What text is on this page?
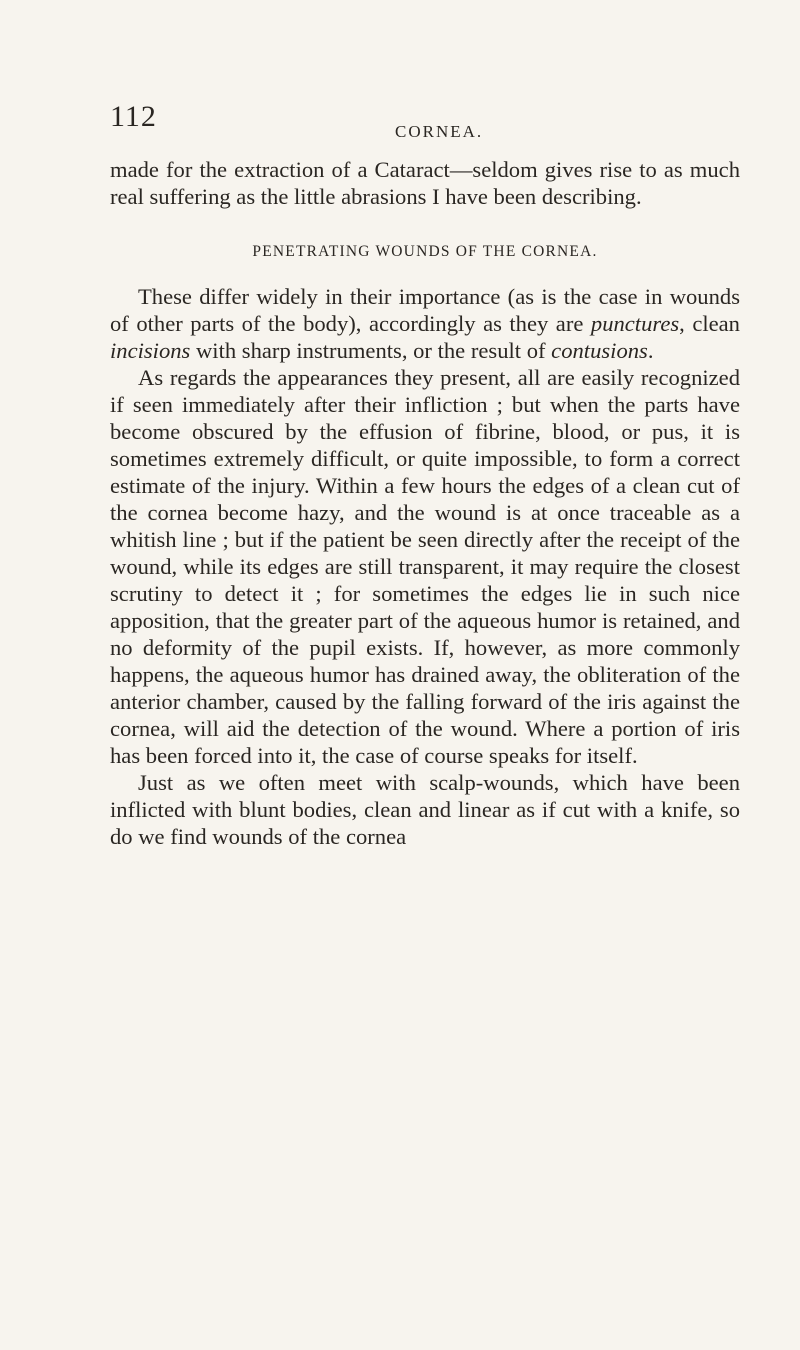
112	CORNEA.

made for the extraction of a Cataract—seldom gives rise to as much real suffering as the little abrasions I have been describing.

PENETRATING WOUNDS OF THE CORNEA.

These differ widely in their importance (as is the case in wounds of other parts of the body), accordingly as they are punctures, clean incisions with sharp instruments, or the result of contusions.

As regards the appearances they present, all are easily recognized if seen immediately after their infliction ; but when the parts have become obscured by the effusion of fibrine, blood, or pus, it is sometimes extremely difficult, or quite impossible, to form a correct estimate of the injury. Within a few hours the edges of a clean cut of the cornea become hazy, and the wound is at once traceable as a whitish line ; but if the patient be seen directly after the receipt of the wound, while its edges are still transparent, it may require the closest scrutiny to detect it ; for sometimes the edges lie in such nice apposition, that the greater part of the aqueous humor is retained, and no deformity of the pupil exists. If, however, as more commonly happens, the aqueous humor has drained away, the obliteration of the anterior chamber, caused by the falling forward of the iris against the cornea, will aid the detection of the wound. Where a portion of iris has been forced into it, the case of course speaks for itself.

Just as we often meet with scalp-wounds, which have been inflicted with blunt bodies, clean and linear as if cut with a knife, so do we find wounds of the cornea
